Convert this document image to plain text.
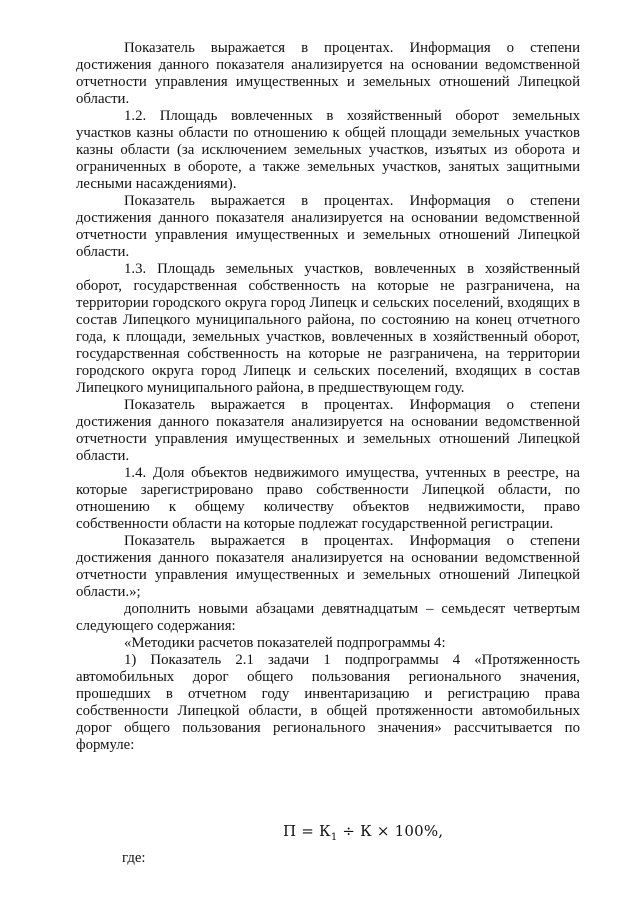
Показатель выражается в процентах. Информация о степени достижения данного показателя анализируется на основании ведомственной отчетности управления имущественных и земельных отношений Липецкой области.

1.2. Площадь вовлеченных в хозяйственный оборот земельных участков казны области по отношению к общей площади земельных участков казны области (за исключением земельных участков, изъятых из оборота и ограниченных в обороте, а также земельных участков, занятых защитными лесными насаждениями).

Показатель выражается в процентах. Информация о степени достижения данного показателя анализируется на основании ведомственной отчетности управления имущественных и земельных отношений Липецкой области.

1.3. Площадь земельных участков, вовлеченных в хозяйственный оборот, государственная собственность на которые не разграничена, на территории городского округа город Липецк и сельских поселений, входящих в состав Липецкого муниципального района, по состоянию на конец отчетного года, к площади, земельных участков, вовлеченных в хозяйственный оборот, государственная собственность на которые не разграничена, на территории городского округа город Липецк и сельских поселений, входящих в состав Липецкого муниципального района, в предшествующем году.

Показатель выражается в процентах. Информация о степени достижения данного показателя анализируется на основании ведомственной отчетности управления имущественных и земельных отношений Липецкой области.

1.4. Доля объектов недвижимого имущества, учтенных в реестре, на которые зарегистрировано право собственности Липецкой области, по отношению к общему количеству объектов недвижимости, право собственности области на которые подлежат государственной регистрации.

Показатель выражается в процентах. Информация о степени достижения данного показателя анализируется на основании ведомственной отчетности управления имущественных и земельных отношений Липецкой области.»;

дополнить новыми абзацами девятнадцатым – семьдесят четвертым следующего содержания:

«Методики расчетов показателей подпрограммы 4:

1) Показатель 2.1 задачи 1 подпрограммы 4 «Протяженность автомобильных дорог общего пользования регионального значения, прошедших в отчетном году инвентаризацию и регистрацию права собственности Липецкой области, в общей протяженности автомобильных дорог общего пользования регионального значения» рассчитывается по формуле:

$П = К_1 \div К \times 100\%$,
где:
